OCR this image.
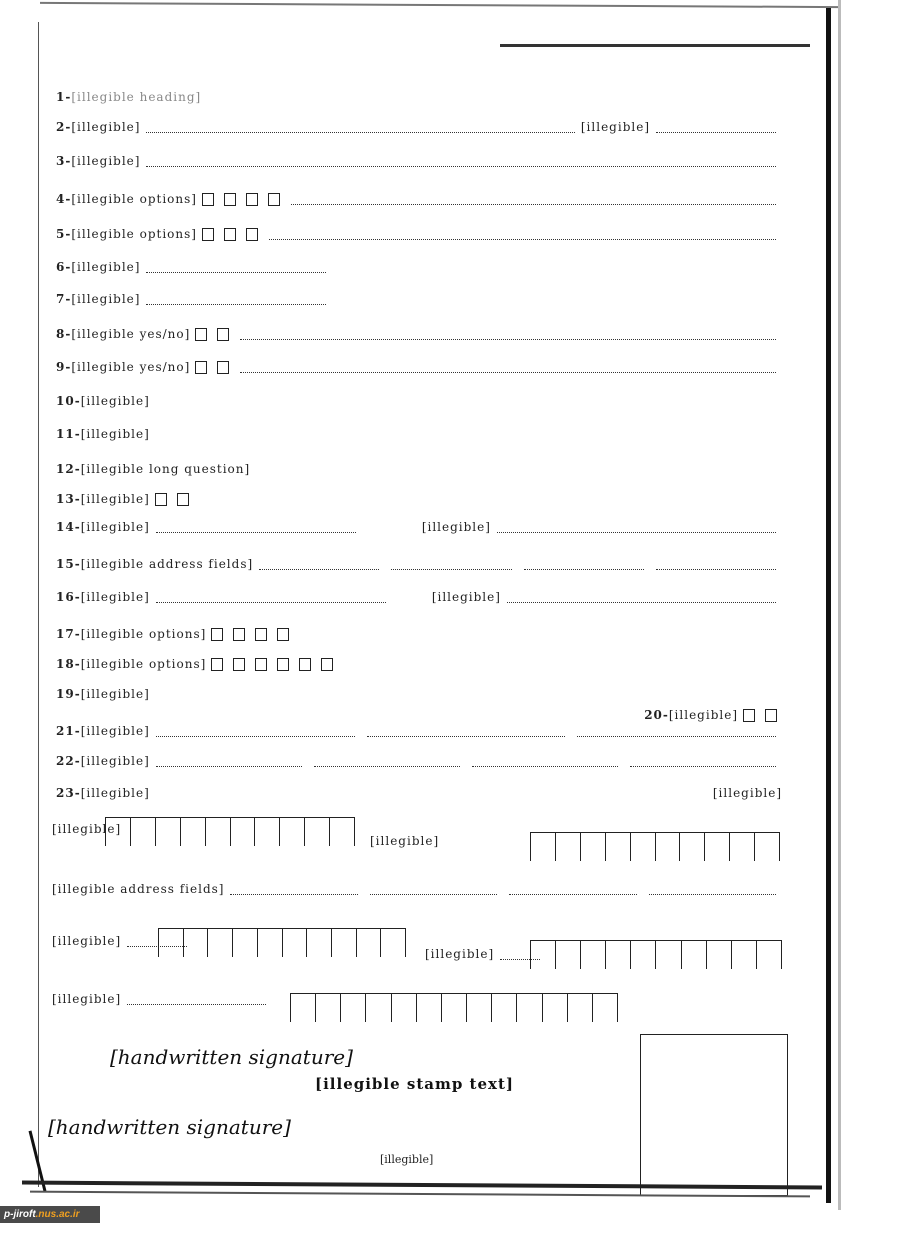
1- [illegible heading]
2- [illegible]	[illegible]
3- [illegible]
4- [illegible options]
5- [illegible options]
6- [illegible]
7- [illegible]
8- [illegible yes/no]
9- [illegible yes/no]
10- [illegible]
11- [illegible]
12- [illegible long question]
13- [illegible]
14- [illegible]	[illegible]
15- [illegible address fields]
16- [illegible]	[illegible]
17- [illegible options]
18- [illegible options]
19- [illegible]
20- [illegible]
21- [illegible]
22- [illegible]
23- [illegible]	[illegible]
[illegible]
[illegible]
[illegible address fields]
[illegible]
[illegible]
[illegible]
[handwritten signature]
[handwritten signature]
[illegible stamp text]
[illegible]
p-jiroft.nus.ac.ir
